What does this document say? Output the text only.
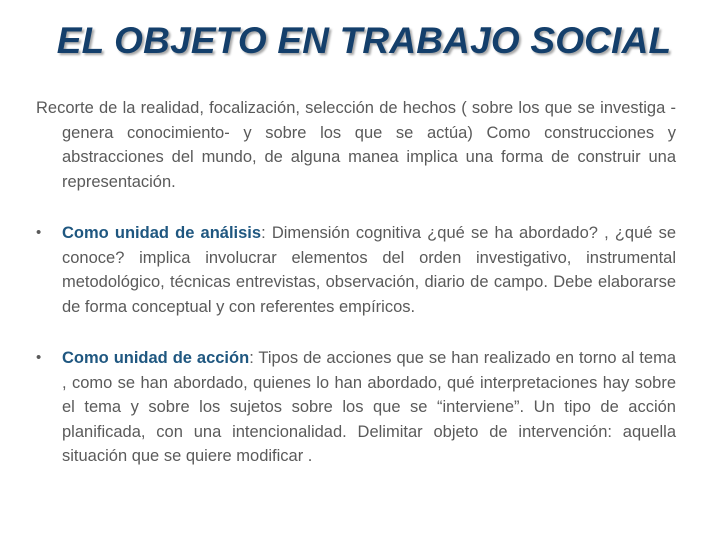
EL OBJETO EN TRABAJO SOCIAL

Recorte de la realidad, focalización, selección de hechos ( sobre los que se investiga -genera conocimiento- y sobre los que se actúa) Como construcciones y abstracciones del mundo, de alguna manea implica una forma de construir una representación.

• Como unidad de análisis: Dimensión cognitiva ¿qué se ha abordado? , ¿qué se conoce? implica involucrar elementos del orden investigativo, instrumental metodológico, técnicas entrevistas, observación, diario de campo. Debe elaborarse de forma conceptual y con referentes empíricos.

• Como unidad de acción: Tipos de acciones que se han realizado en torno al tema , como se han abordado, quienes lo han abordado, qué interpretaciones hay sobre el tema y sobre los sujetos sobre los que se “interviene”. Un tipo de acción planificada, con una intencionalidad. Delimitar objeto de intervención: aquella situación que se quiere modificar .
